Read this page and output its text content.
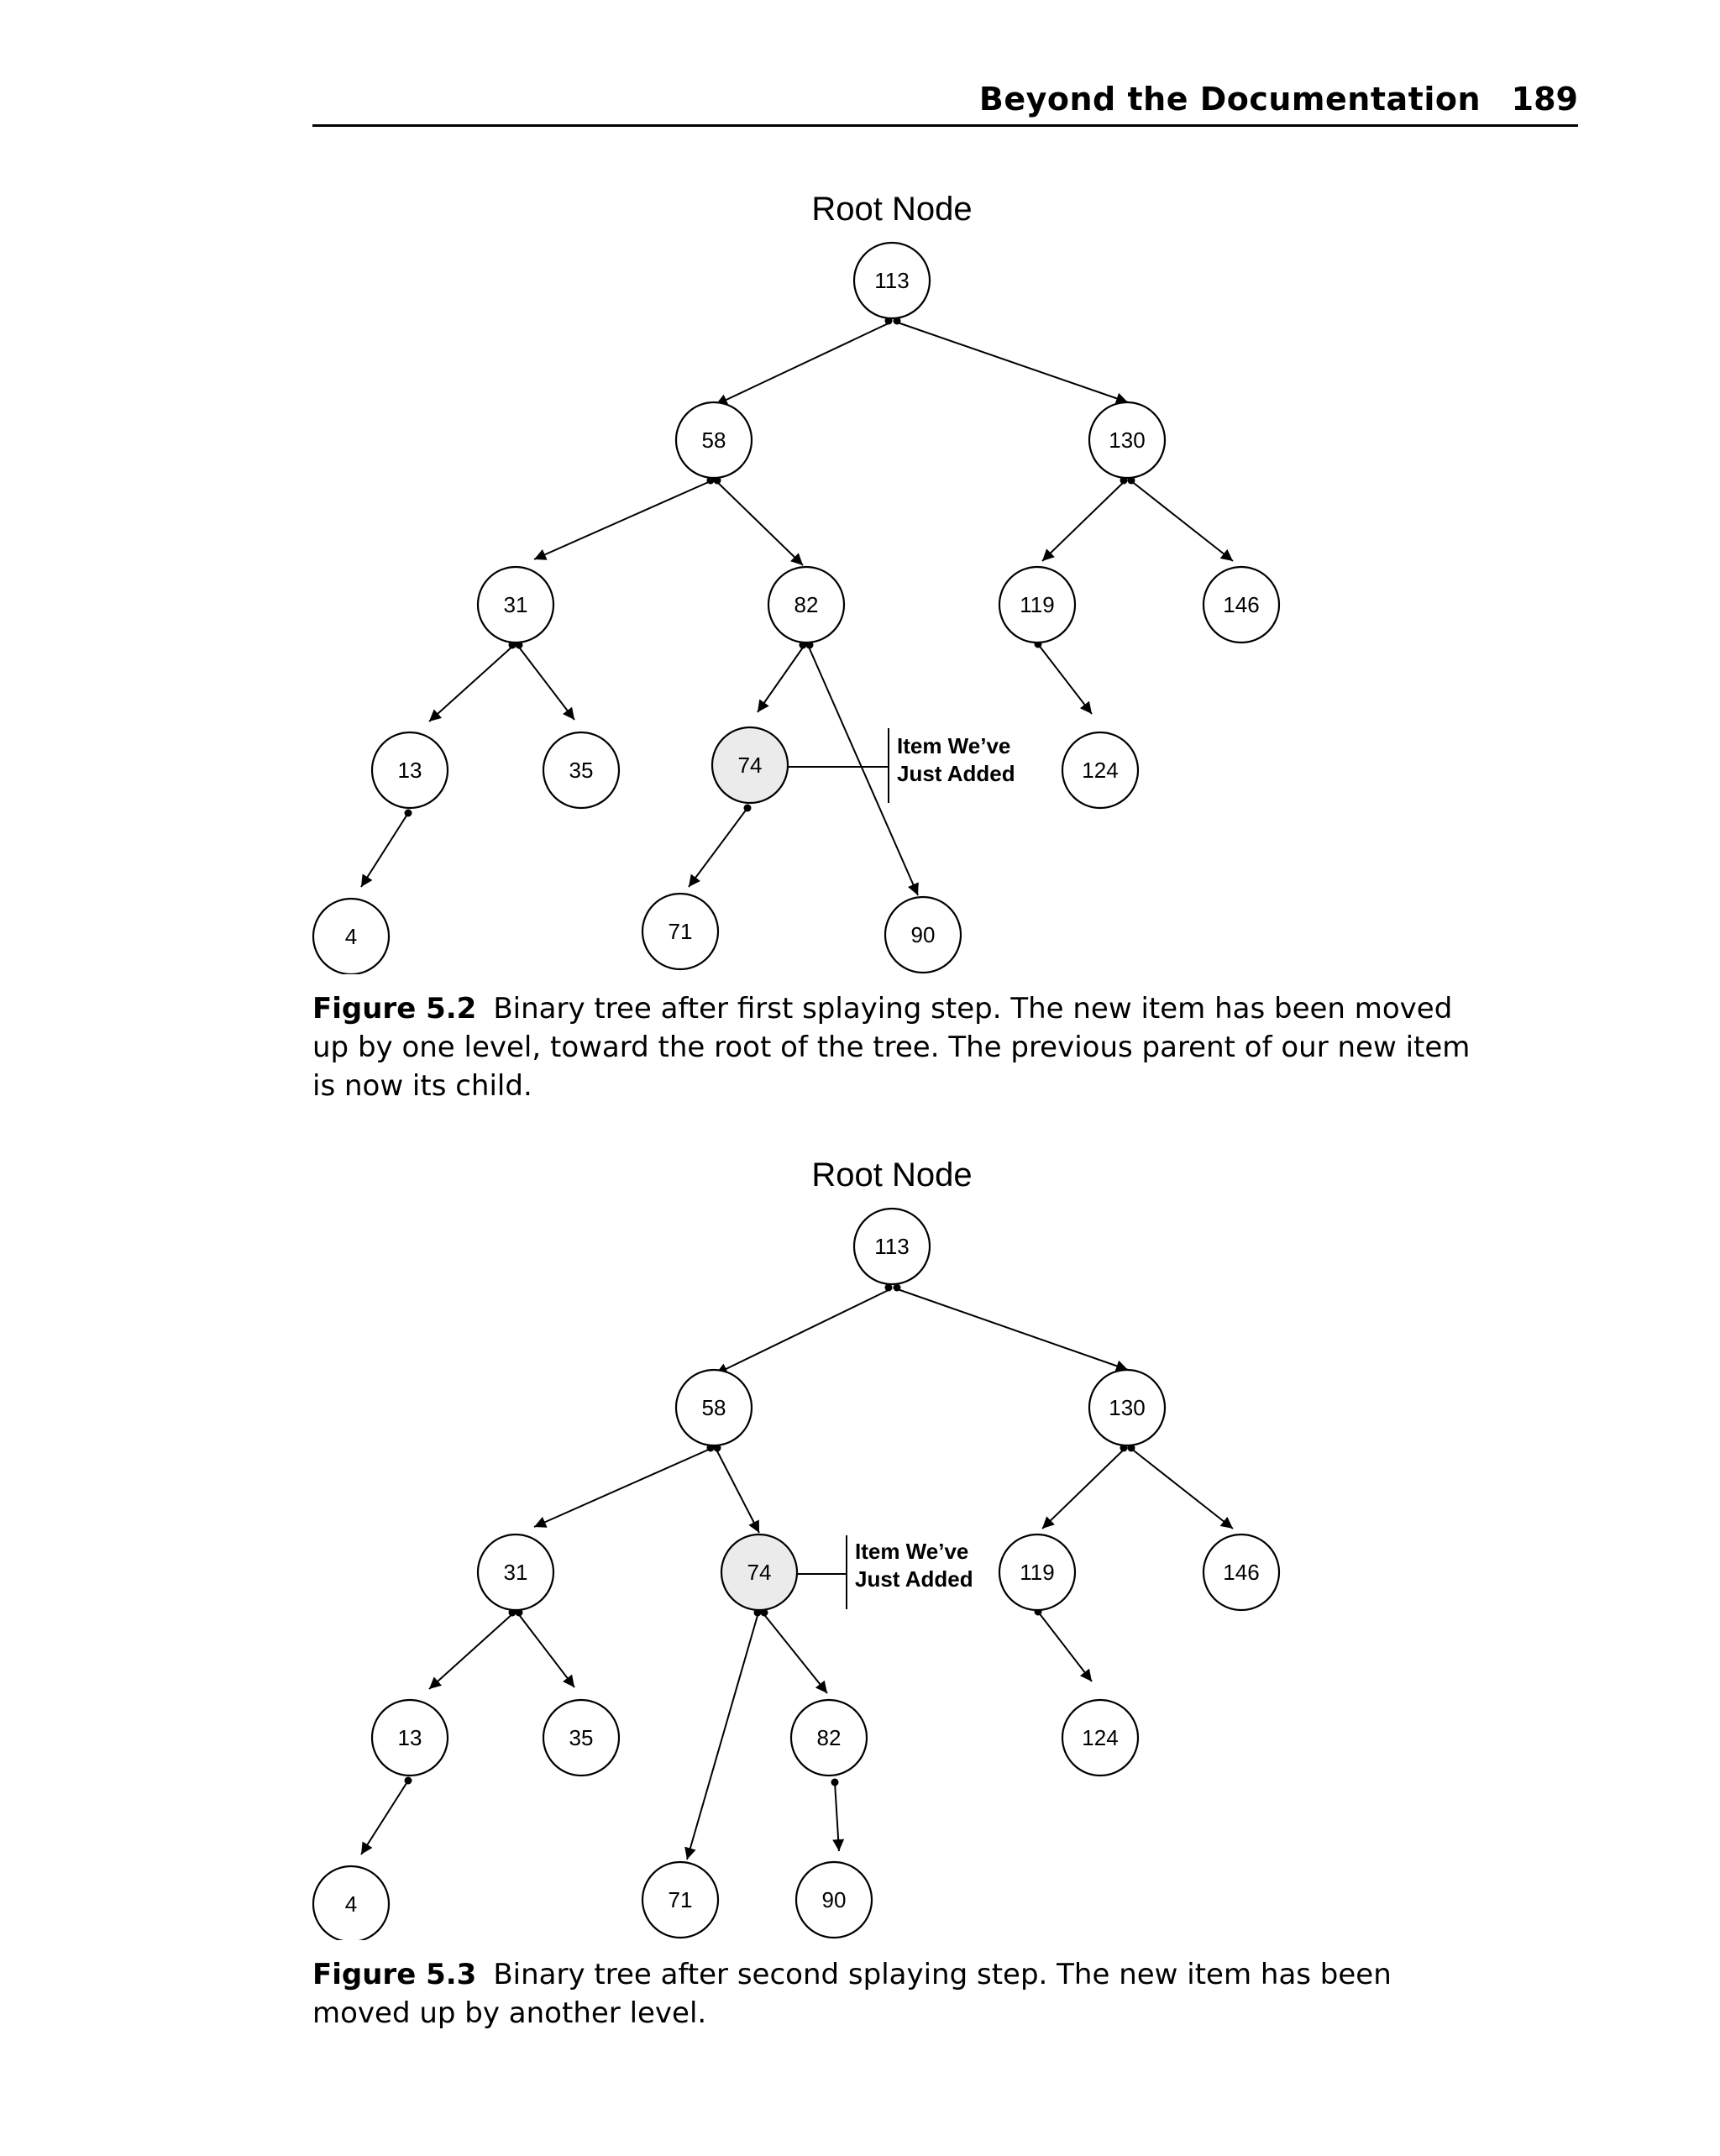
Beyond the Documentation 189
Root Node
113
58	130
31	82	119	146
13	35	74	124
4	71	90
Item We’ve
Just Added
Figure 5.2 Binary tree after first splaying step. The new item has been moved up by one level, toward the root of the tree. The previous parent of our new item is now its child.
Root Node
113
58	130
31	74	119	146
13	35	82	124
4	71	90
Item We’ve
Just Added
Figure 5.3 Binary tree after second splaying step. The new item has been moved up by another level.
